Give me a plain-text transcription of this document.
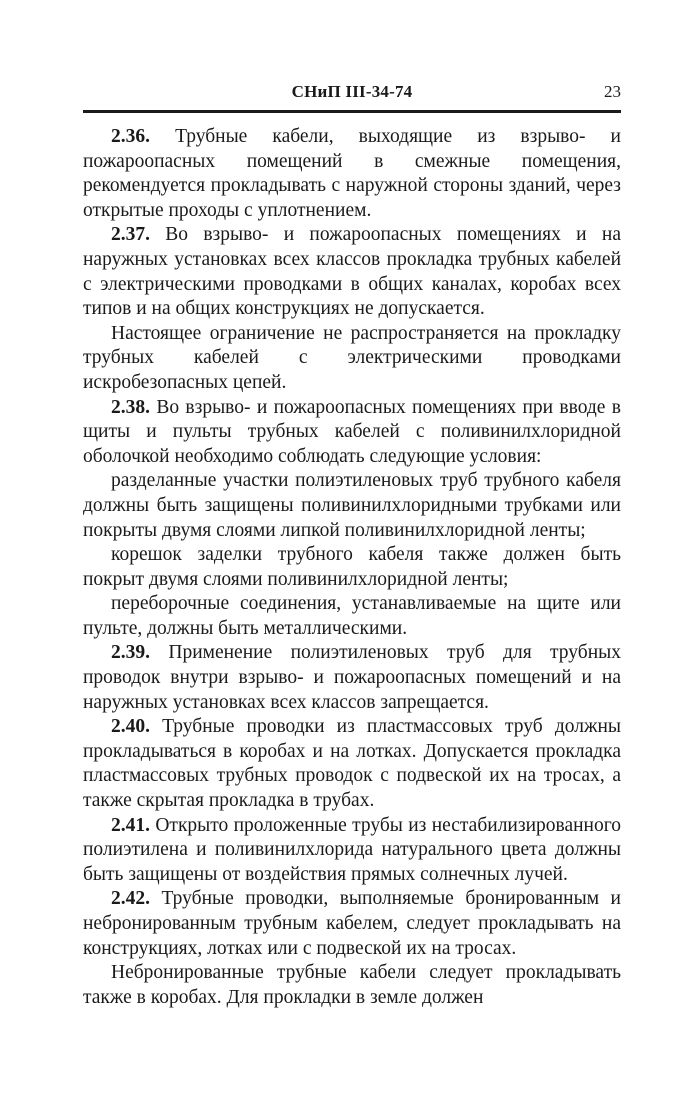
СНиП III-34-74	23

2.36. Трубные кабели, выходящие из взрыво- и пожароопасных помещений в смежные помещения, рекомендуется прокладывать с наружной стороны зданий, через открытые проходы с уплотнением.

2.37. Во взрыво- и пожароопасных помещениях и на наружных установках всех классов прокладка трубных кабелей с электрическими проводками в общих каналах, коробах всех типов и на общих конструкциях не допускается.

Настоящее ограничение не распространяется на прокладку трубных кабелей с электрическими проводками искробезопасных цепей.

2.38. Во взрыво- и пожароопасных помещениях при вводе в щиты и пульты трубных кабелей с поливинилхлоридной оболочкой необходимо соблюдать следующие условия:

разделанные участки полиэтиленовых труб трубного кабеля должны быть защищены поливинилхлоридными трубками или покрыты двумя слоями липкой поливинилхлоридной ленты;

корешок заделки трубного кабеля также должен быть покрыт двумя слоями поливинилхлоридной ленты;

переборочные соединения, устанавливаемые на щите или пульте, должны быть металлическими.

2.39. Применение полиэтиленовых труб для трубных проводок внутри взрыво- и пожароопасных помещений и на наружных установках всех классов запрещается.

2.40. Трубные проводки из пластмассовых труб должны прокладываться в коробах и на лотках. Допускается прокладка пластмассовых трубных проводок с подвеской их на тросах, а также скрытая прокладка в трубах.

2.41. Открыто проложенные трубы из нестабилизированного полиэтилена и поливинилхлорида натурального цвета должны быть защищены от воздействия прямых солнечных лучей.

2.42. Трубные проводки, выполняемые бронированным и небронированным трубным кабелем, следует прокладывать на конструкциях, лотках или с подвеской их на тросах.

Небронированные трубные кабели следует прокладывать также в коробах. Для прокладки в земле должен
